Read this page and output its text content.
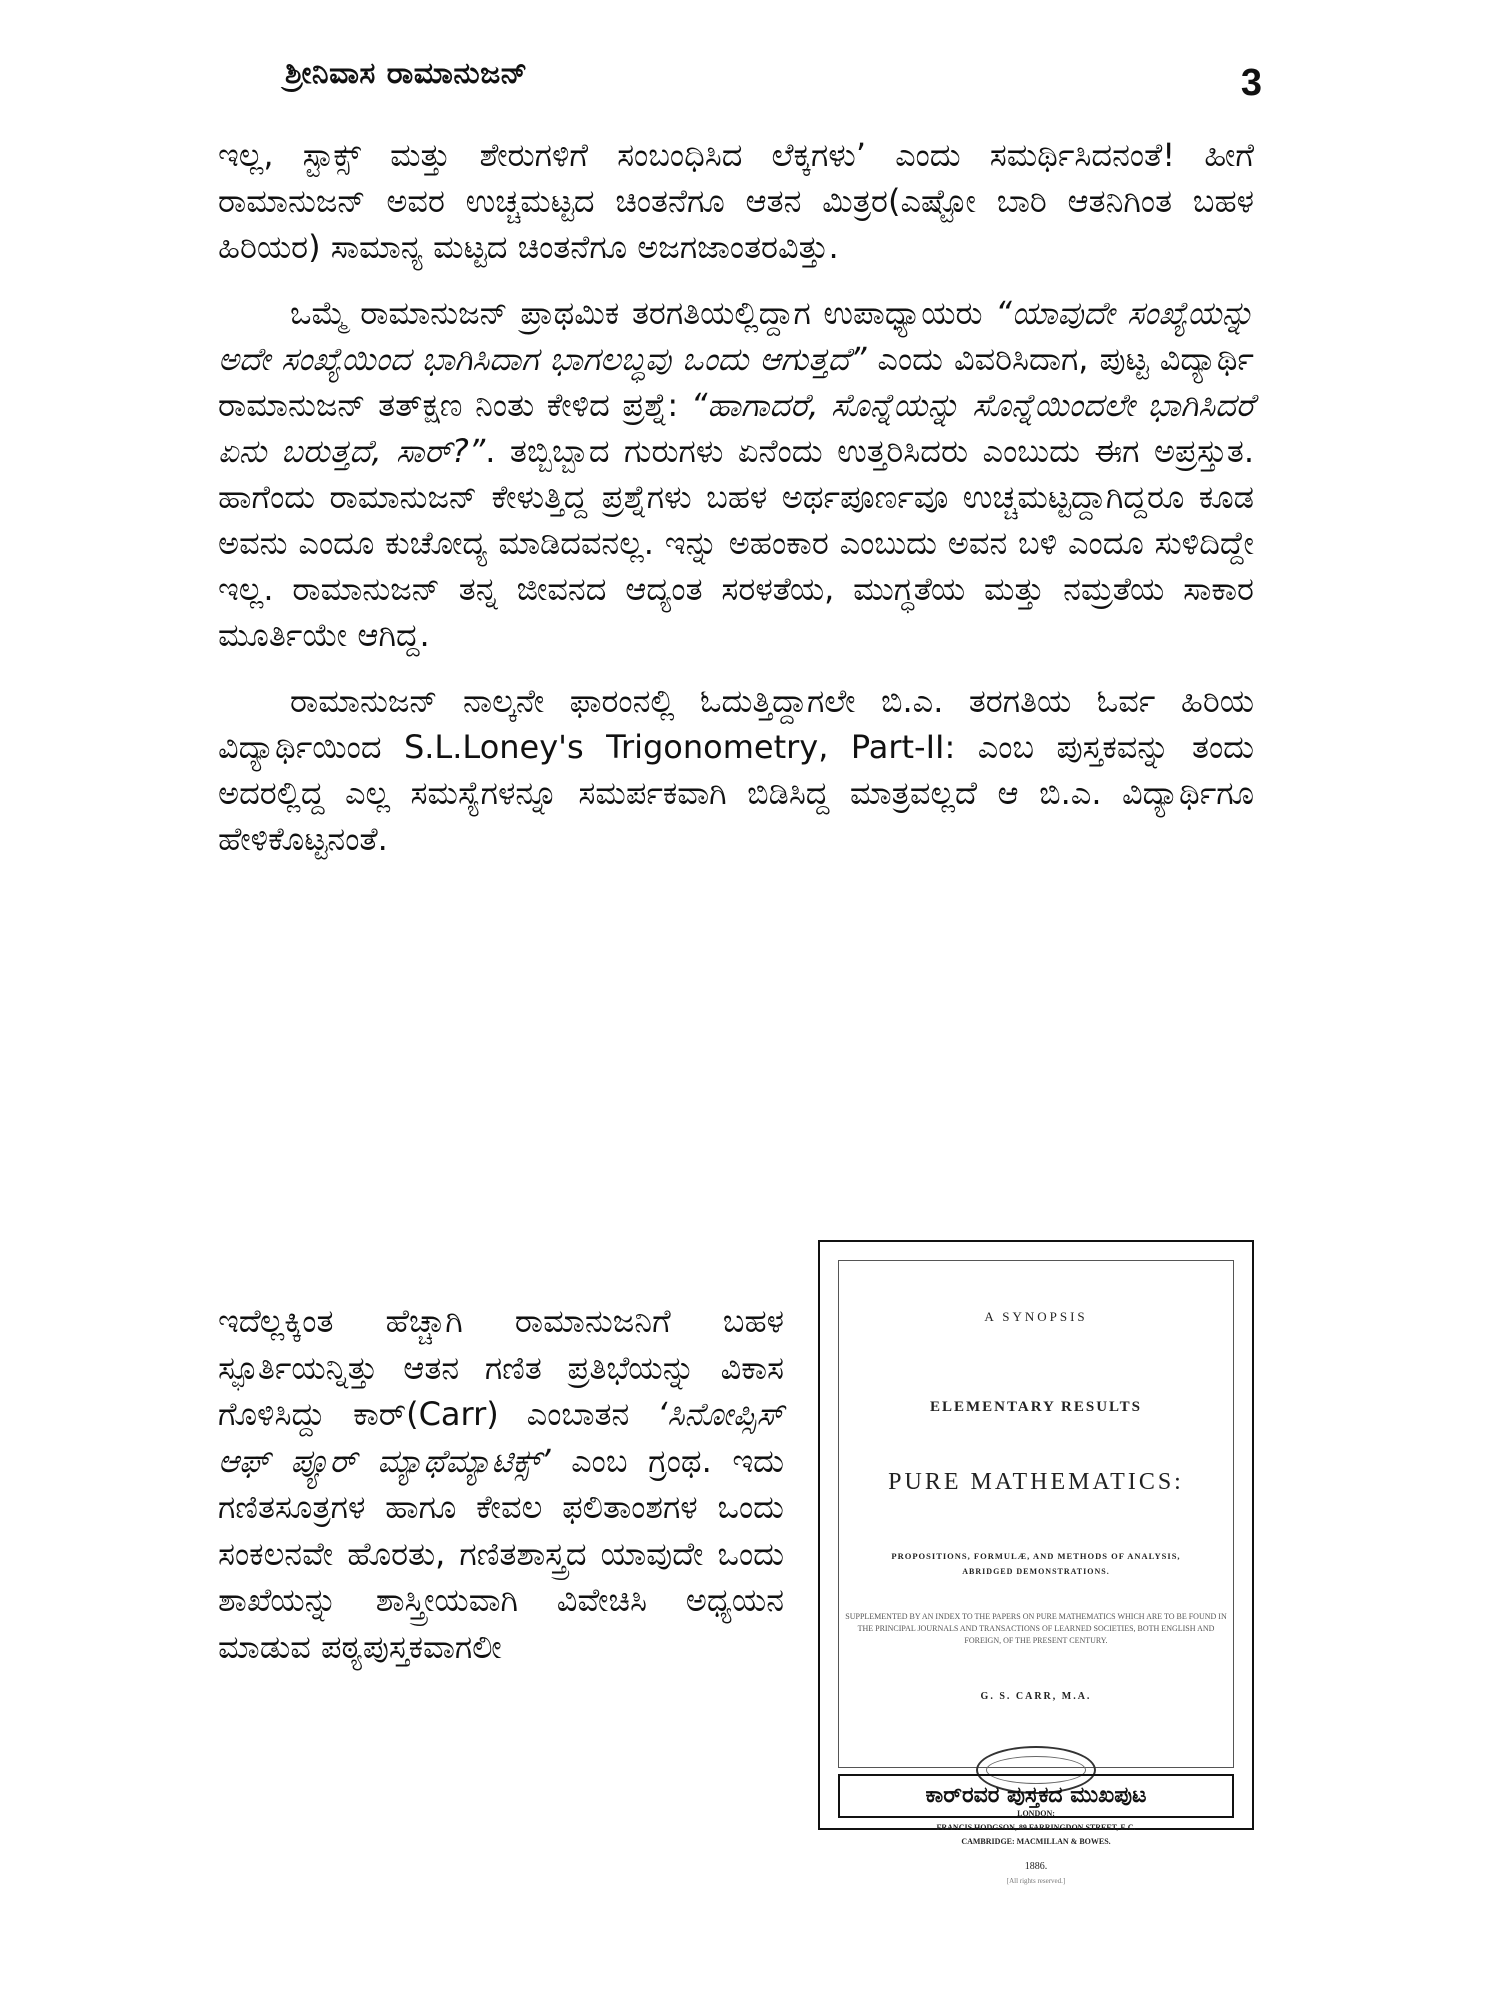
ಶ್ರೀನಿವಾಸ ರಾಮಾನುಜನ್	3

ಇಲ್ಲ, ಸ್ಟಾಕ್ಸ್ ಮತ್ತು ಶೇರುಗಳಿಗೆ ಸಂಬಂಧಿಸಿದ ಲೆಕ್ಕಗಳು’ ಎಂದು ಸಮರ್ಥಿಸಿದನಂತೆ! ಹೀಗೆ ರಾಮಾನುಜನ್ ಅವರ ಉಚ್ಚಮಟ್ಟದ ಚಿಂತನೆಗೂ ಆತನ ಮಿತ್ರರ(ಎಷ್ಟೋ ಬಾರಿ ಆತನಿಗಿಂತ ಬಹಳ ಹಿರಿಯರ) ಸಾಮಾನ್ಯ ಮಟ್ಟದ ಚಿಂತನೆಗೂ ಅಜಗಜಾಂತರವಿತ್ತು.

ಒಮ್ಮೆ ರಾಮಾನುಜನ್ ಪ್ರಾಥಮಿಕ ತರಗತಿಯಲ್ಲಿದ್ದಾಗ ಉಪಾಧ್ಯಾಯರು “ಯಾವುದೇ ಸಂಖ್ಯೆಯನ್ನು ಅದೇ ಸಂಖ್ಯೆಯಿಂದ ಭಾಗಿಸಿದಾಗ ಭಾಗಲಬ್ಧವು ಒಂದು ಆಗುತ್ತದೆ” ಎಂದು ವಿವರಿಸಿದಾಗ, ಪುಟ್ಟ ವಿದ್ಯಾರ್ಥಿ ರಾಮಾನುಜನ್ ತತ್ಕ್ಷಣ ನಿಂತು ಕೇಳಿದ ಪ್ರಶ್ನೆ: “ಹಾಗಾದರೆ, ಸೊನ್ನೆಯನ್ನು ಸೊನ್ನೆಯಿಂದಲೇ ಭಾಗಿಸಿದರೆ ಏನು ಬರುತ್ತದೆ, ಸಾರ್?”. ತಬ್ಬಿಬ್ಬಾದ ಗುರುಗಳು ಏನೆಂದು ಉತ್ತರಿಸಿದರು ಎಂಬುದು ಈಗ ಅಪ್ರಸ್ತುತ. ಹಾಗೆಂದು ರಾಮಾನುಜನ್ ಕೇಳುತ್ತಿದ್ದ ಪ್ರಶ್ನೆಗಳು ಬಹಳ ಅರ್ಥಪೂರ್ಣವೂ ಉಚ್ಚಮಟ್ಟದ್ದಾಗಿದ್ದರೂ ಕೂಡ ಅವನು ಎಂದೂ ಕುಚೋದ್ಯ ಮಾಡಿದವನಲ್ಲ. ಇನ್ನು ಅಹಂಕಾರ ಎಂಬುದು ಅವನ ಬಳಿ ಎಂದೂ ಸುಳಿದಿದ್ದೇ ಇಲ್ಲ. ರಾಮಾನುಜನ್ ತನ್ನ ಜೀವನದ ಆದ್ಯಂತ ಸರಳತೆಯ, ಮುಗ್ಧತೆಯ ಮತ್ತು ನಮ್ರತೆಯ ಸಾಕಾರ ಮೂರ್ತಿಯೇ ಆಗಿದ್ದ.

ರಾಮಾನುಜನ್ ನಾಲ್ಕನೇ ಫಾರಂನಲ್ಲಿ ಓದುತ್ತಿದ್ದಾಗಲೇ ಬಿ.ಎ. ತರಗತಿಯ ಓರ್ವ ಹಿರಿಯ ವಿದ್ಯಾರ್ಥಿಯಿಂದ S.L.Loney's Trigonometry, Part-II: ಎಂಬ ಪುಸ್ತಕವನ್ನು ತಂದು ಅದರಲ್ಲಿದ್ದ ಎಲ್ಲ ಸಮಸ್ಯೆಗಳನ್ನೂ ಸಮರ್ಪಕವಾಗಿ ಬಿಡಿಸಿದ್ದ ಮಾತ್ರವಲ್ಲದೆ ಆ ಬಿ.ಎ. ವಿದ್ಯಾರ್ಥಿಗೂ ಹೇಳಿಕೊಟ್ಟನಂತೆ.

ಇದೆಲ್ಲಕ್ಕಿಂತ ಹೆಚ್ಚಾಗಿ ರಾಮಾನುಜನಿಗೆ ಬಹಳ ಸ್ಫೂರ್ತಿಯನ್ನಿತ್ತು ಆತನ ಗಣಿತ ಪ್ರತಿಭೆಯನ್ನು ವಿಕಾಸ ಗೊಳಿಸಿದ್ದು ಕಾರ್(Carr) ಎಂಬಾತನ ‘ಸಿನೋಪ್ಸಿಸ್ ಆಫ್ ಪ್ಯೂರ್ ಮ್ಯಾಥೆಮ್ಯಾಟಿಕ್ಸ್’ ಎಂಬ ಗ್ರಂಥ. ಇದು ಗಣಿತಸೂತ್ರಗಳ ಹಾಗೂ ಕೇವಲ ಫಲಿತಾಂಶಗಳ ಒಂದು ಸಂಕಲನವೇ ಹೊರತು, ಗಣಿತಶಾಸ್ತ್ರದ ಯಾವುದೇ ಒಂದು ಶಾಖೆಯನ್ನು ಶಾಸ್ತ್ರೀಯವಾಗಿ ವಿವೇಚಿಸಿ ಅಧ್ಯಯನ ಮಾಡುವ ಪಠ್ಯಪುಸ್ತಕವಾಗಲೀ
A SYNOPSIS
ELEMENTARY RESULTS
PURE MATHEMATICS:
PROPOSITIONS, FORMULÆ, AND METHODS OF ANALYSIS,
ABRIDGED DEMONSTRATIONS.
SUPPLEMENTED BY AN INDEX TO THE PAPERS ON PURE MATHEMATICS WHICH ARE TO BE FOUND IN THE PRINCIPAL JOURNALS AND TRANSACTIONS OF LEARNED SOCIETIES, BOTH ENGLISH AND FOREIGN, OF THE PRESENT CENTURY.
G. S. CARR, M.A.
LONDON:
FRANCIS HODGSON, 89 FARRINGDON STREET, E.C.
CAMBRIDGE: MACMILLAN & BOWES.
1886.
[All rights reserved.]
ಕಾರ್‌ರವರ ಪುಸ್ತಕದ ಮುಖಪುಟ
